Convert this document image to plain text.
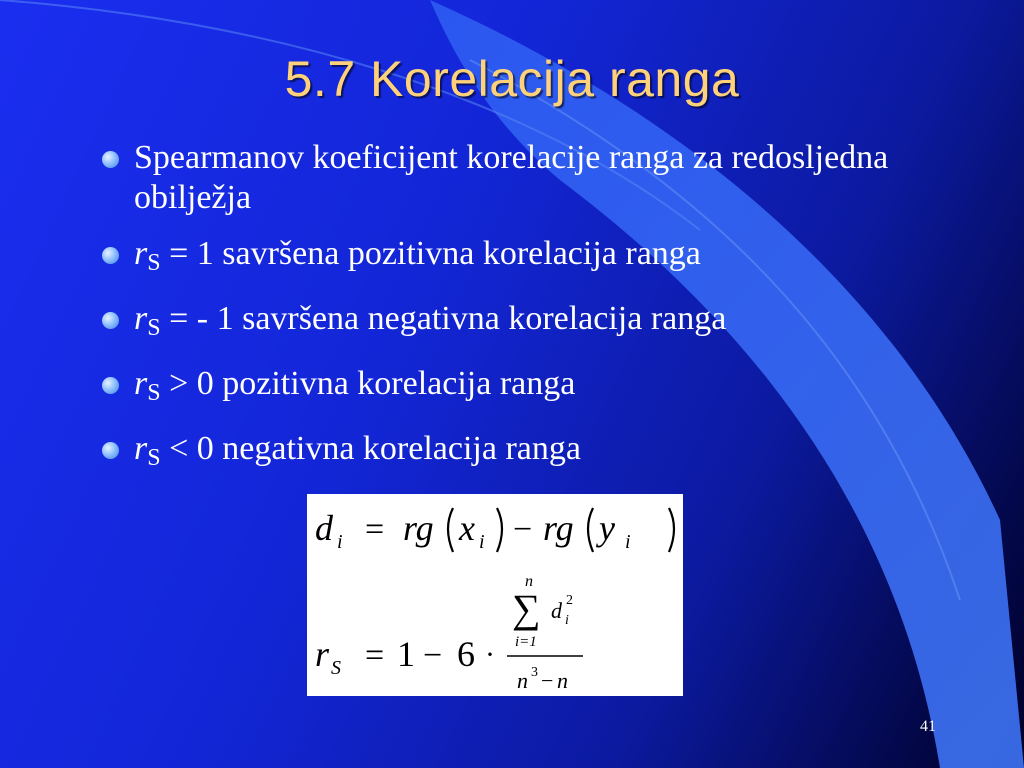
5.7 Korelacija ranga
Spearmanov koeficijent korelacije ranga za redosljedna obilježja
$r_S = 1$ savršena pozitivna korelacija ranga
$r_S$ = - 1 savršena negativna korelacija ranga
$r_S > 0$ pozitivna korelacija ranga
$r_S < 0$ negativna korelacija ranga
d i = rg x i − rg y i
r S = 1 − 6 ·
n
∑
i=1
d i
2
n 3 − n
41
